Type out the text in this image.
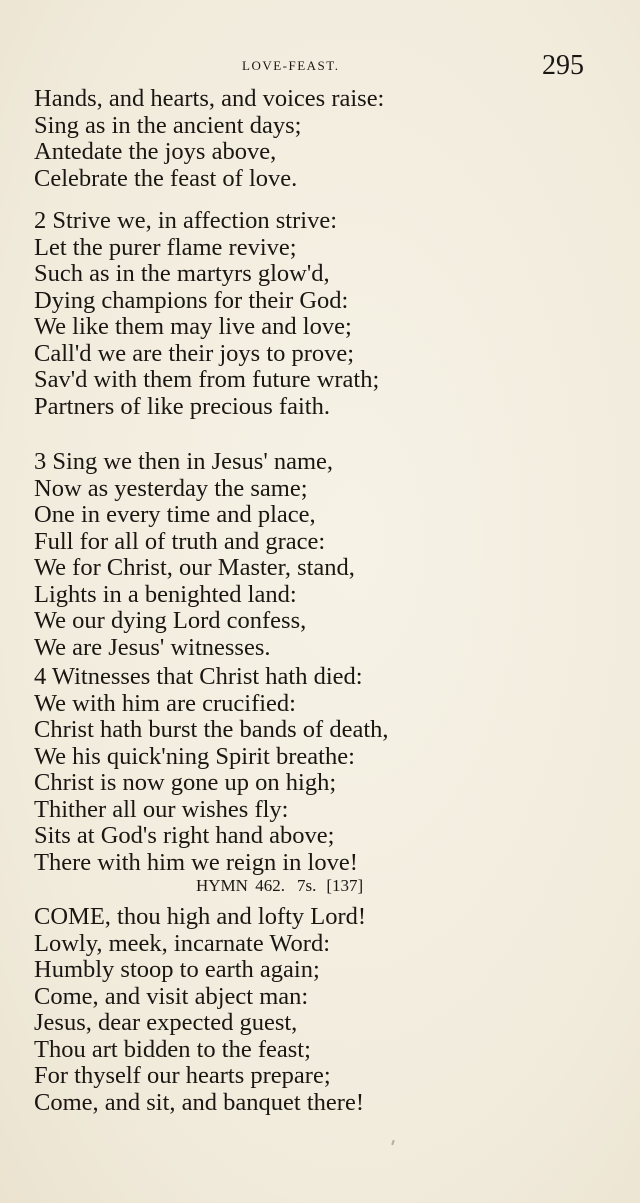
LOVE-FEAST.	295
Hands, and hearts, and voices raise:
Sing as in the ancient days;
Antedate the joys above,
Celebrate the feast of love.
2 Strive we, in affection strive:
Let the purer flame revive;
Such as in the martyrs glow'd,
Dying champions for their God:
We like them may live and love;
Call'd we are their joys to prove;
Sav'd with them from future wrath;
Partners of like precious faith.
3 Sing we then in Jesus' name,
Now as yesterday the same;
One in every time and place,
Full for all of truth and grace:
We for Christ, our Master, stand,
Lights in a benighted land:
We our dying Lord confess,
We are Jesus' witnesses.
4 Witnesses that Christ hath died:
We with him are crucified:
Christ hath burst the bands of death,
We his quick'ning Spirit breathe:
Christ is now gone up on high;
Thither all our wishes fly:
Sits at God's right hand above;
There with him we reign in love!
HYMN 462. 7s. [137]
COME, thou high and lofty Lord!
Lowly, meek, incarnate Word:
Humbly stoop to earth again;
Come, and visit abject man:
Jesus, dear expected guest,
Thou art bidden to the feast;
For thyself our hearts prepare;
Come, and sit, and banquet there!
